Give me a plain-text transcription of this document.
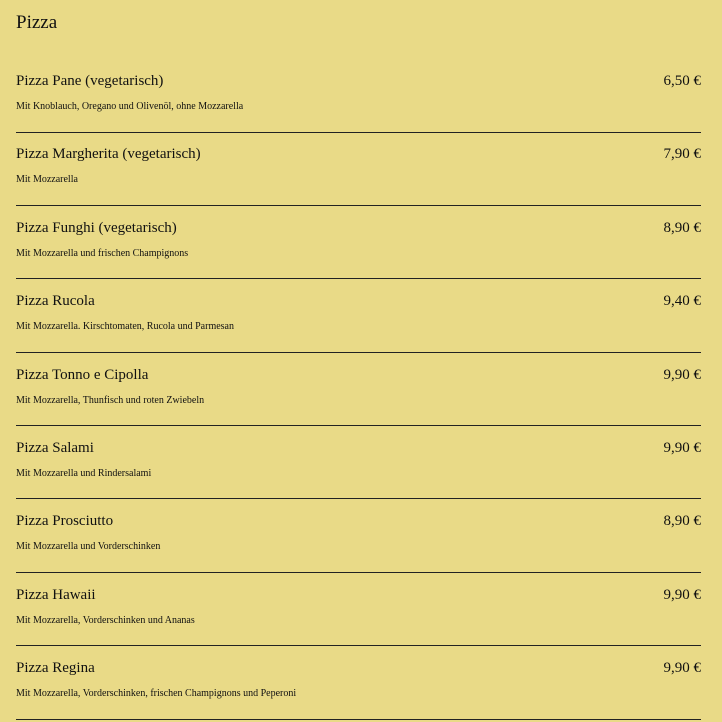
Pizza
Pizza Pane (vegetarisch)	6,50 €
Mit Knoblauch, Oregano und Olivenöl, ohne Mozzarella
Pizza Margherita (vegetarisch)	7,90 €
Mit Mozzarella
Pizza Funghi (vegetarisch)	8,90 €
Mit Mozzarella und frischen Champignons
Pizza Rucola	9,40 €
Mit Mozzarella. Kirschtomaten, Rucola und Parmesan
Pizza Tonno e Cipolla	9,90 €
Mit Mozzarella, Thunfisch und roten Zwiebeln
Pizza Salami	9,90 €
Mit Mozzarella und Rindersalami
Pizza Prosciutto	8,90 €
Mit Mozzarella und Vorderschinken
Pizza Hawaii	9,90 €
Mit Mozzarella, Vorderschinken und Ananas
Pizza Regina	9,90 €
Mit Mozzarella, Vorderschinken, frischen Champignons und Peperoni
